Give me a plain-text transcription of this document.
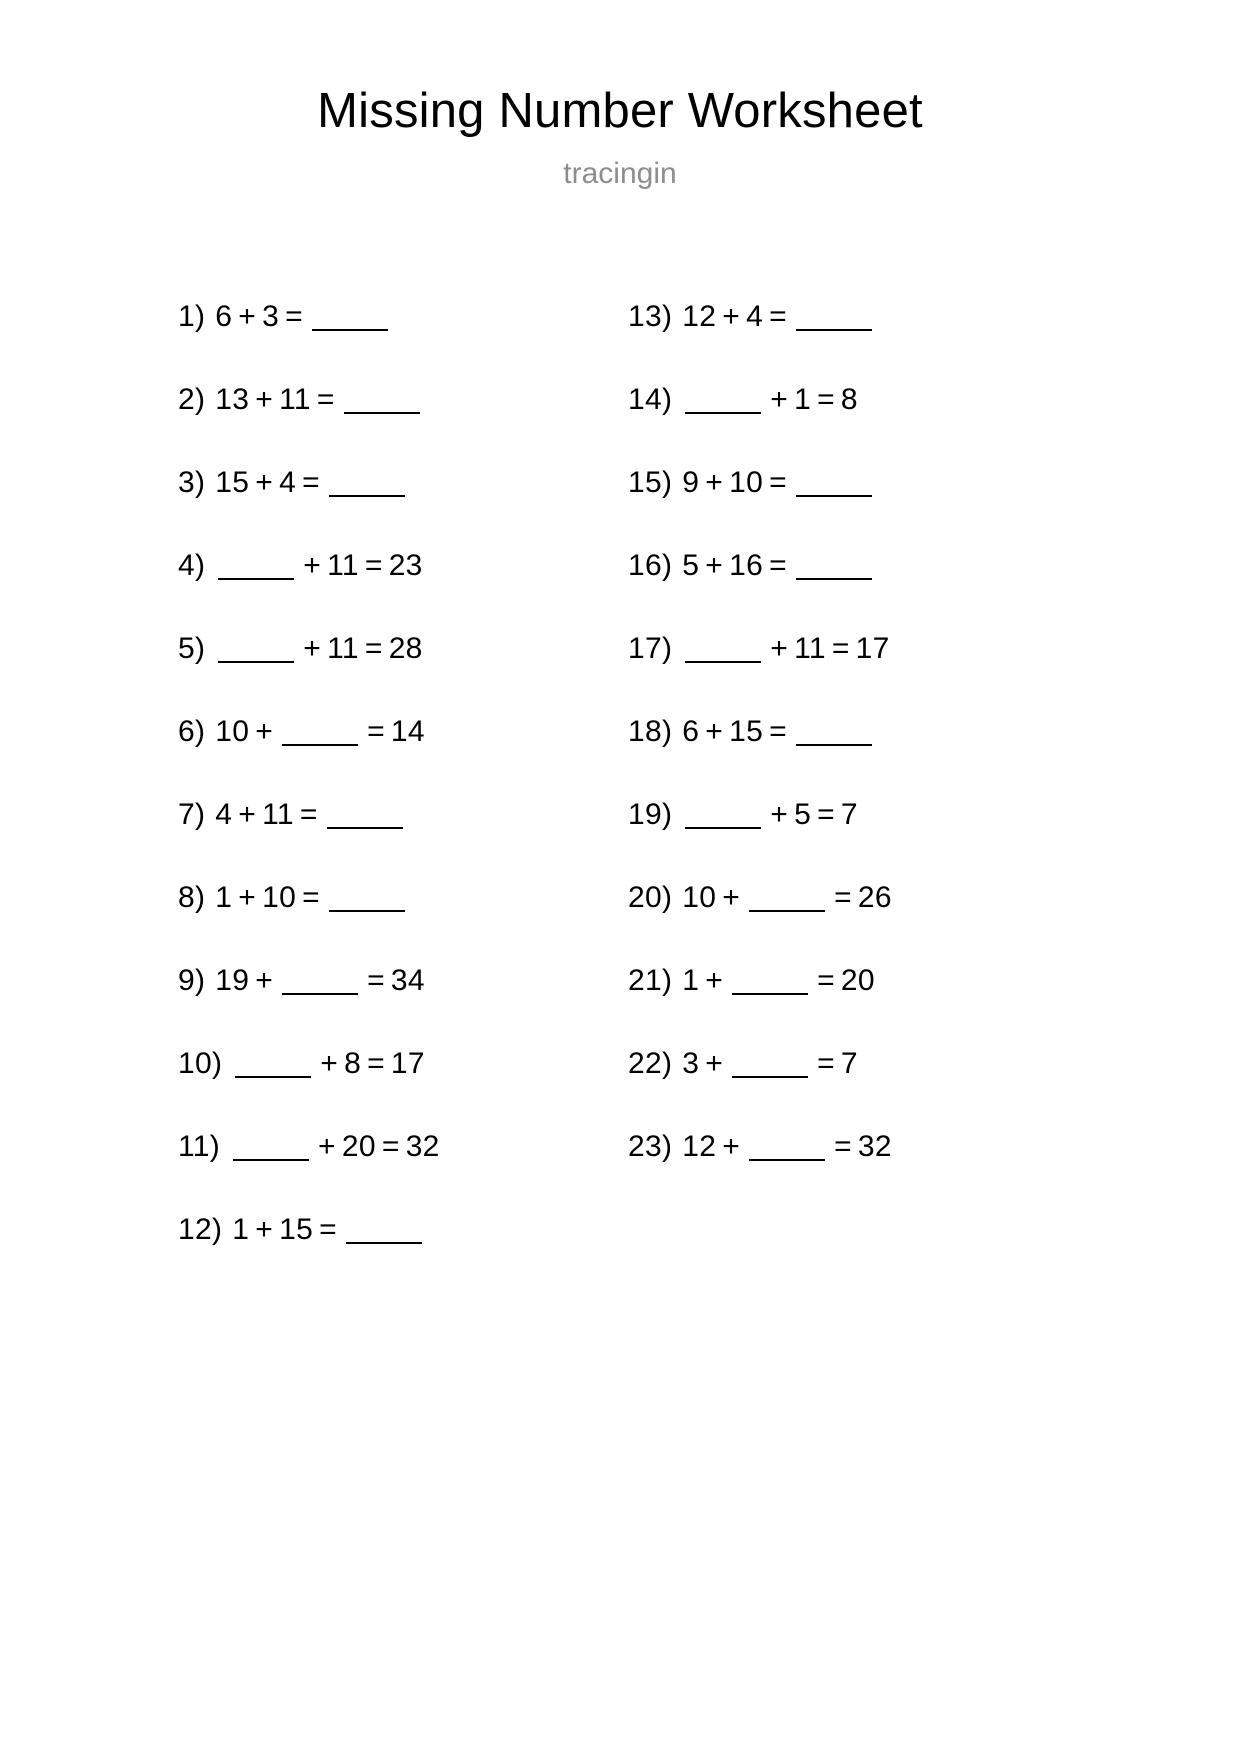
Missing Number Worksheet
tracingin
1) 6 + 3 =
2) 13 + 11 =
3) 15 + 4 =
4)	+ 11 = 23
5)	+ 11 = 28
6) 10 +	= 14
7) 4 + 11 =
8) 1 + 10 =
9) 19 +	= 34
10)	+ 8 = 17
11)	+ 20 = 32
12) 1 + 15 =
13) 12 + 4 =
14)	+ 1 = 8
15) 9 + 10 =
16) 5 + 16 =
17)	+ 11 = 17
18) 6 + 15 =
19)	+ 5 = 7
20) 10 +	= 26
21) 1 +	= 20
22) 3 +	= 7
23) 12 +	= 32
